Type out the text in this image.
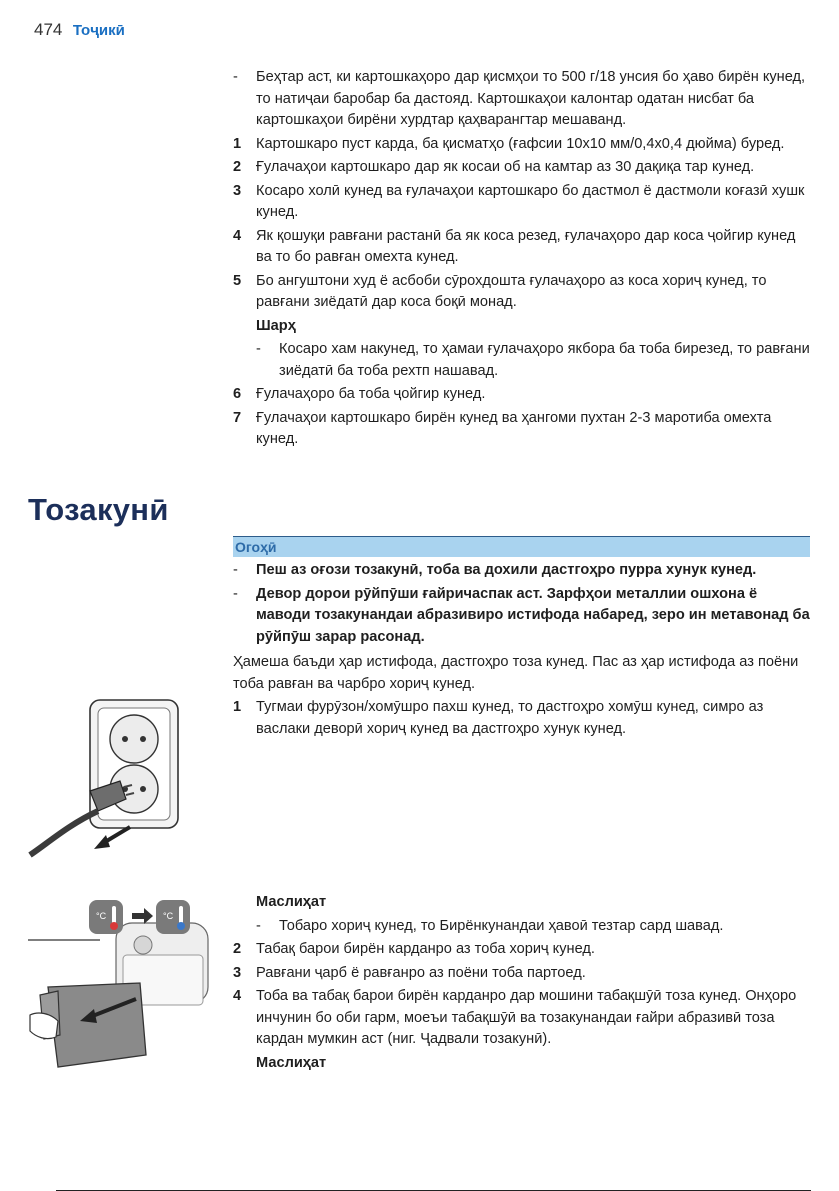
474 Тоҷикӣ
- Беҳтар аст, ки картошкаҳоро дар қисмҳои то 500 г/18 унсия бо ҳаво бирён кунед, то натиҷаи баробар ба дастояд. Картошкаҳои калонтар одатан нисбат ба картошкаҳои бирёни хурдтар қаҳварангтар мешаванд.
1 Картошкаро пуст карда, ба қисматҳо (ғафсии 10x10 мм/0,4x0,4 дюйма) буред.
2 Ғулачаҳои картошкаро дар як косаи об на камтар аз 30 дақиқа тар кунед.
3 Косаро холӣ кунед ва ғулачаҳои картошкаро бо дастмол ё дастмоли коғазӣ хушк кунед.
4 Як қошуқи равғани растанӣ ба як коса резед, ғулачаҳоро дар коса ҷойгир кунед ва то бо равған омехта кунед.
5 Бо ангуштони худ ё асбоби сӯрохдошта ғулачаҳоро аз коса хориҷ кунед, то равғани зиёдатӣ дар коса боқӣ монад.
Шарҳ
- Косаро хам накунед, то ҳамаи ғулачаҳоро якбора ба тоба бирезед, то равғани зиёдатӣ ба тоба рехтп нашавад.
6 Ғулачаҳоро ба тоба ҷойгир кунед.
7 Ғулачаҳои картошкаро бирён кунед ва ҳангоми пухтан 2-3 маротиба омехта кунед.
Тозакунӣ
Огоҳӣ
- Пеш аз оғози тозакунӣ, тоба ва дохили дастгоҳро пурра хунук кунед.
- Девор дорои рӯйпӯши ғайричаспак аст. Зарфҳои металлии ошхона ё маводи тозакунандаи абразивиро истифода набаред, зеро ин метавонад ба рӯйпӯш зарар расонад.
Ҳамеша баъди ҳар истифода, дастгоҳро тоза кунед. Пас аз ҳар истифода аз поёни тоба равған ва чарбро хориҷ кунед.
1 Тугмаи фурӯзон/хомӯшро пахш кунед, то дастгоҳро хомӯш кунед, симро аз васлаки деворӣ хориҷ кунед ва дастгоҳро хунук кунед.
Маслиҳат
- Тобаро хориҷ кунед, то Бирёнкунандаи ҳавоӣ тезтар сард шавад.
2 Табақ барои бирён карданро аз тоба хориҷ кунед.
3 Равғани ҷарб ё равғанро аз поёни тоба партоед.
4 Тоба ва табақ барои бирён карданро дар мошини табақшӯӣ тоза кунед. Онҳоро инчунин бо оби гарм, моеъи табақшӯӣ ва тозакунандаи ғайри абразивӣ тоза кардан мумкин аст (ниг. Ҷадвали тозакунӣ).
Маслиҳат
°C	°C
